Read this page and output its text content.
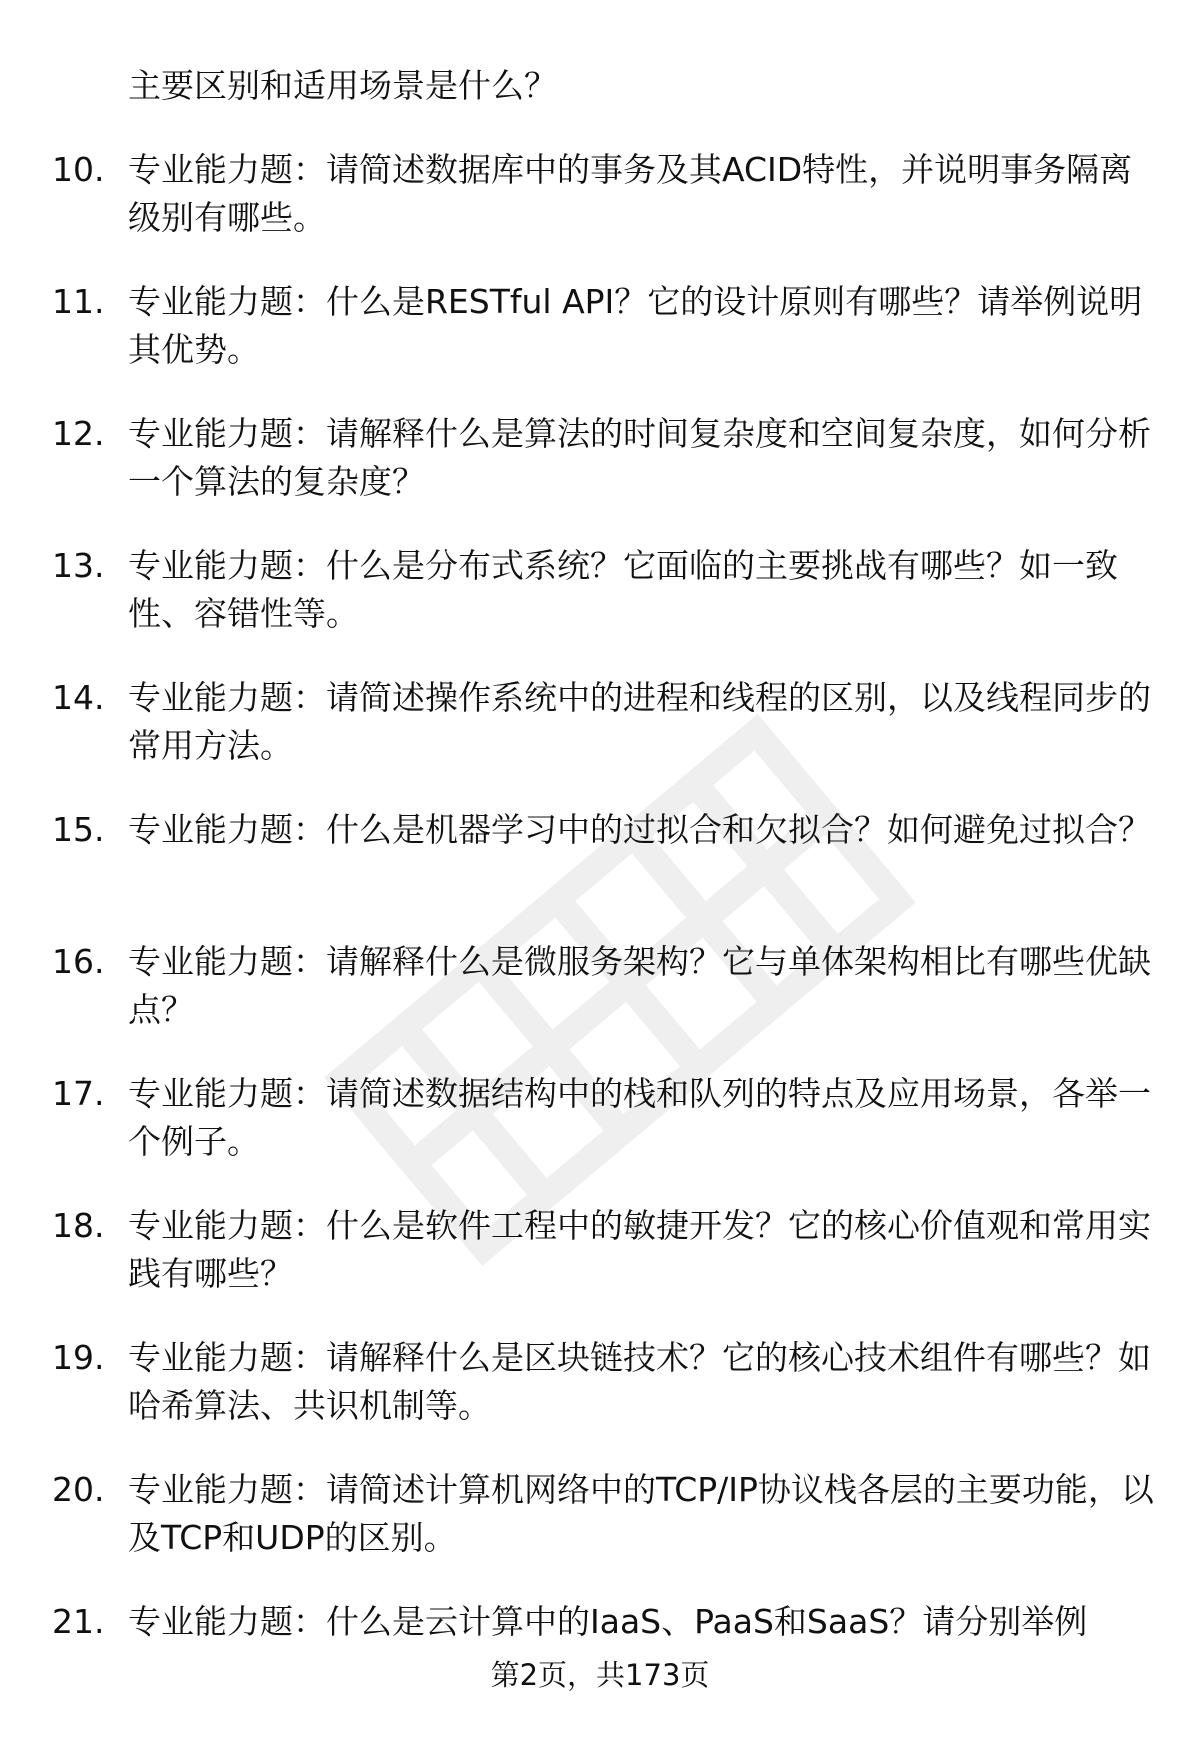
主要区别和适用场景是什么？
10. 专业能力题：请简述数据库中的事务及其ACID特性，并说明事务隔离级别有哪些。
11. 专业能力题：什么是RESTful API？它的设计原则有哪些？请举例说明其优势。
12. 专业能力题：请解释什么是算法的时间复杂度和空间复杂度，如何分析一个算法的复杂度？
13. 专业能力题：什么是分布式系统？它面临的主要挑战有哪些？如一致性、容错性等。
14. 专业能力题：请简述操作系统中的进程和线程的区别，以及线程同步的常用方法。
15. 专业能力题：什么是机器学习中的过拟合和欠拟合？如何避免过拟合？
16. 专业能力题：请解释什么是微服务架构？它与单体架构相比有哪些优缺点？
17. 专业能力题：请简述数据结构中的栈和队列的特点及应用场景，各举一个例子。
18. 专业能力题：什么是软件工程中的敏捷开发？它的核心价值观和常用实践有哪些？
19. 专业能力题：请解释什么是区块链技术？它的核心技术组件有哪些？如哈希算法、共识机制等。
20. 专业能力题：请简述计算机网络中的TCP/IP协议栈各层的主要功能，以及TCP和UDP的区别。
21. 专业能力题：什么是云计算中的IaaS、PaaS和SaaS？请分别举例
第2页，共173页
